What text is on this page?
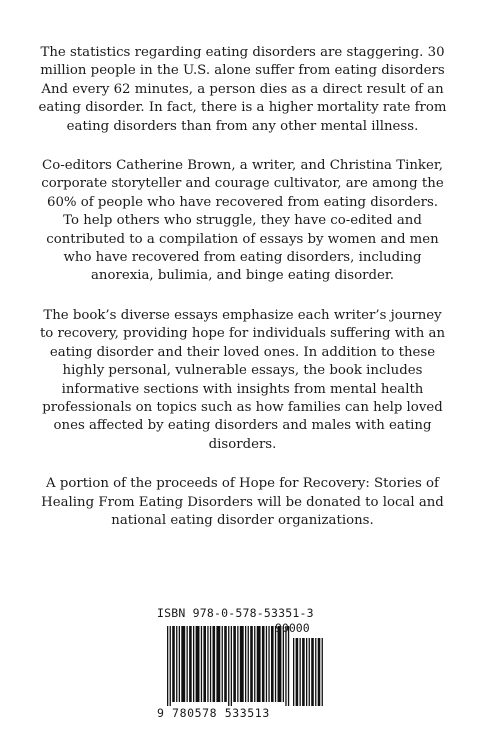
The statistics regarding eating disorders are staggering. 30 million people in the U.S. alone suffer from eating disorders And every 62 minutes, a person dies as a direct result of an eating disorder. In fact, there is a higher mortality rate from eating disorders than from any other mental illness.

Co-editors Catherine Brown, a writer, and Christina Tinker, corporate storyteller and courage cultivator, are among the 60% of people who have recovered from eating disorders. To help others who struggle, they have co-edited and contributed to a compilation of essays by women and men who have recovered from eating disorders, including anorexia, bulimia, and binge eating disorder.

The book’s diverse essays emphasize each writer’s journey to recovery, providing hope for individuals suffering with an eating disorder and their loved ones. In addition to these highly personal, vulnerable essays, the book includes informative sections with insights from mental health professionals on topics such as how families can help loved ones affected by eating disorders and males with eating disorders.

A portion of the proceeds of Hope for Recovery: Stories of Healing From Eating Disorders will be donated to local and national eating disorder organizations.

ISBN 978-0-578-53351-3
90000
9 780578 533513
